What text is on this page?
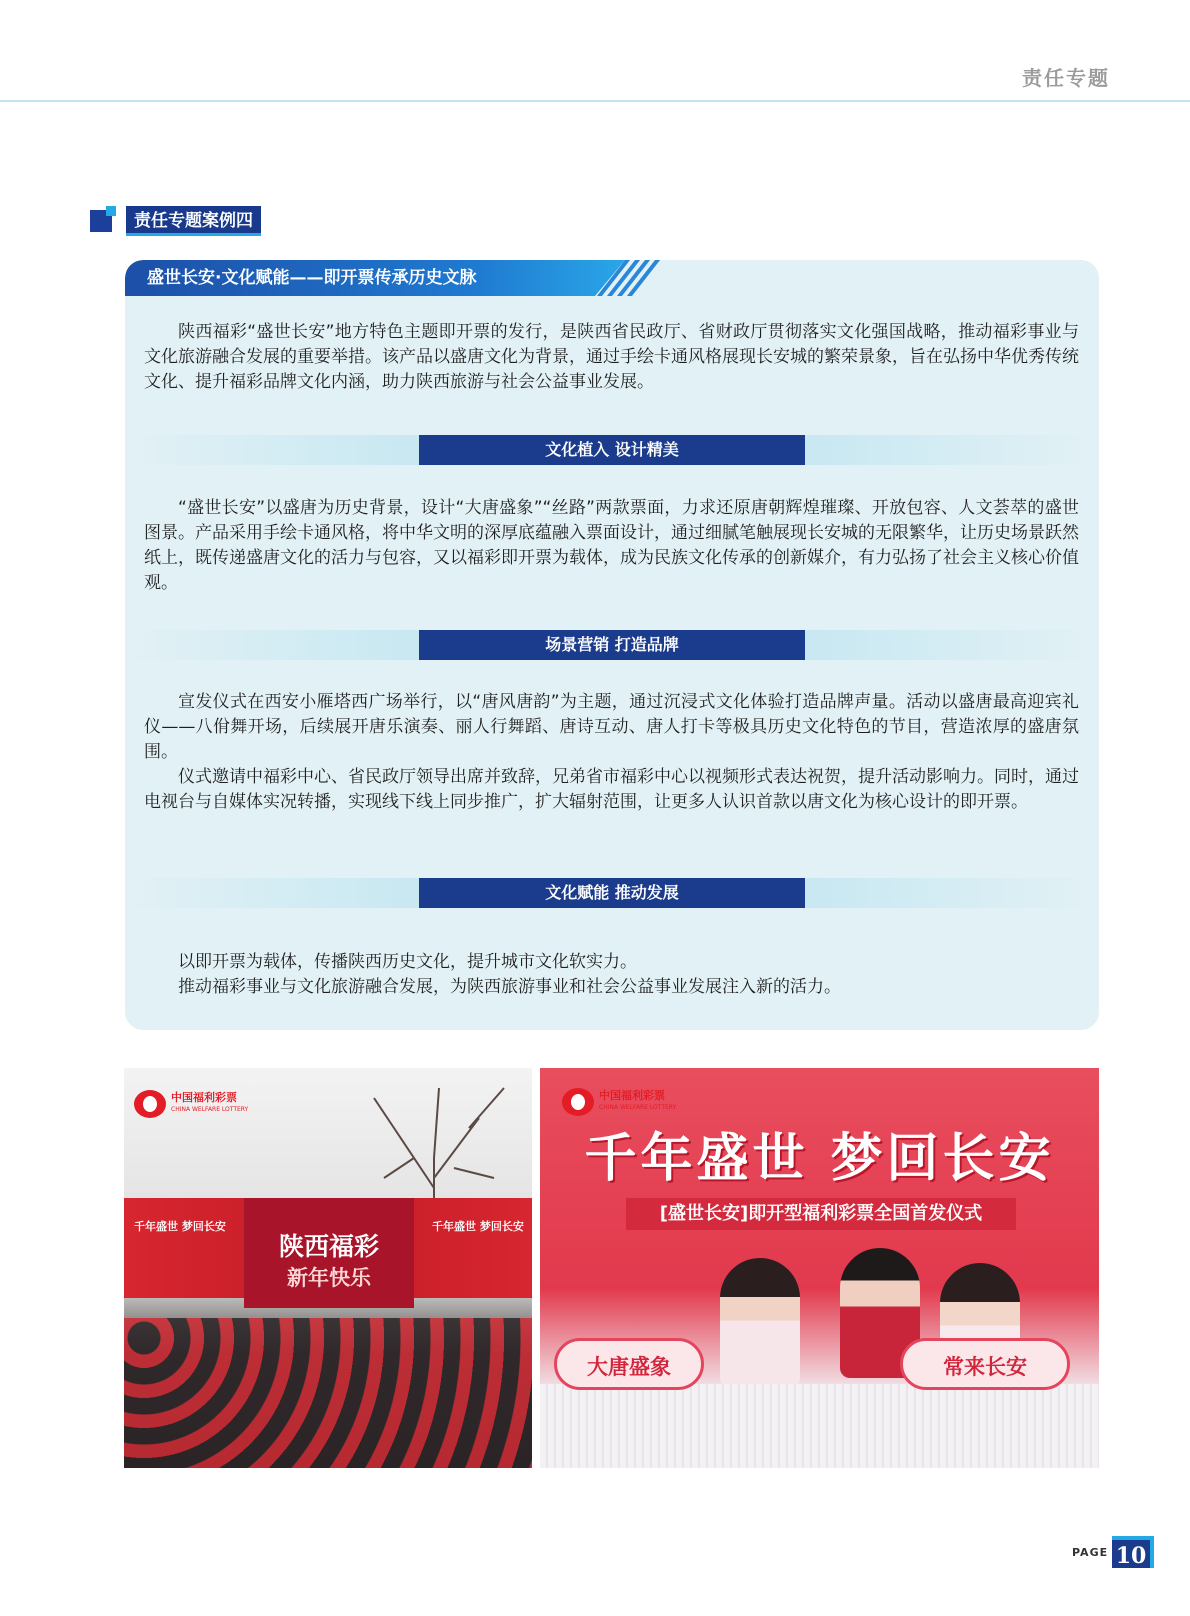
责任专题
责任专题案例四
盛世长安·文化赋能——即开票传承历史文脉

陕西福彩“盛世长安”地方特色主题即开票的发行，是陕西省民政厅、省财政厅贯彻落实文化强国战略，推动福彩事业与文化旅游融合发展的重要举措。该产品以盛唐文化为背景，通过手绘卡通风格展现长安城的繁荣景象，旨在弘扬中华优秀传统文化、提升福彩品牌文化内涵，助力陕西旅游与社会公益事业发展。

文化植入 设计精美

“盛世长安”以盛唐为历史背景，设计“大唐盛象”“丝路”两款票面，力求还原唐朝辉煌璀璨、开放包容、人文荟萃的盛世图景。产品采用手绘卡通风格，将中华文明的深厚底蕴融入票面设计，通过细腻笔触展现长安城的无限繁华，让历史场景跃然纸上，既传递盛唐文化的活力与包容，又以福彩即开票为载体，成为民族文化传承的创新媒介，有力弘扬了社会主义核心价值观。

场景营销 打造品牌

宣发仪式在西安小雁塔西广场举行，以“唐风唐韵”为主题，通过沉浸式文化体验打造品牌声量。活动以盛唐最高迎宾礼仪——八佾舞开场，后续展开唐乐演奏、丽人行舞蹈、唐诗互动、唐人打卡等极具历史文化特色的节目，营造浓厚的盛唐氛围。

仪式邀请中福彩中心、省民政厅领导出席并致辞，兄弟省市福彩中心以视频形式表达祝贺，提升活动影响力。同时，通过电视台与自媒体实况转播，实现线下线上同步推广，扩大辐射范围，让更多人认识首款以唐文化为核心设计的即开票。

文化赋能 推动发展

以即开票为载体，传播陕西历史文化，提升城市文化软实力。

推动福彩事业与文化旅游融合发展，为陕西旅游事业和社会公益事业发展注入新的活力。

陕西福彩
新年快乐
千年盛世 梦回长安	千年盛世 梦回长安
中国福利彩票
CHINA WELFARE LOTTERY
中国福利彩票
CHINA WELFARE LOTTERY
千年盛世 梦回长安
[盛世长安]即开型福利彩票全国首发仪式
大唐盛象	常来长安
PAGE 10
